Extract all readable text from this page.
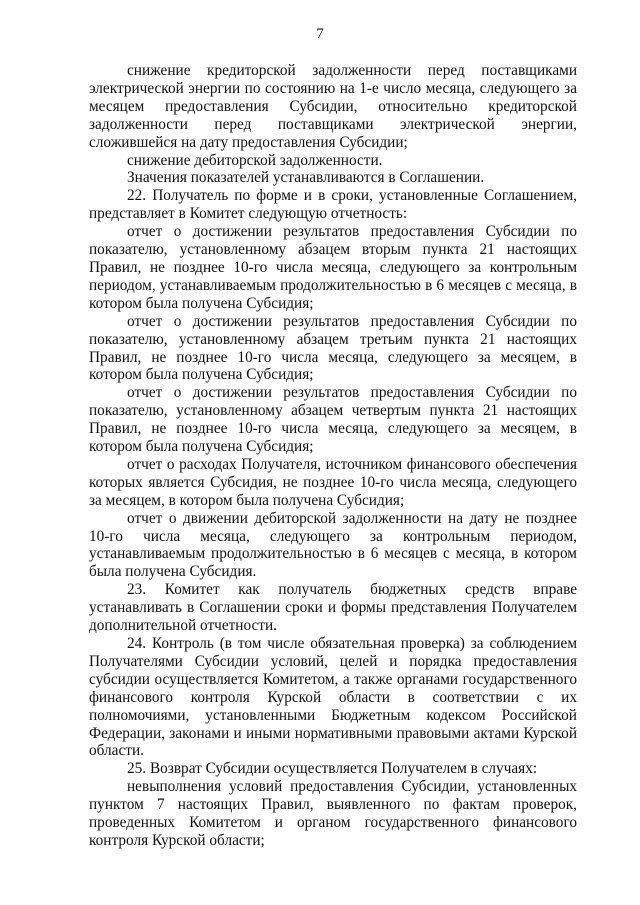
7

снижение кредиторской задолженности перед поставщиками электрической энергии по состоянию на 1-е число месяца, следующего за месяцем предоставления Субсидии, относительно кредиторской задолженности перед поставщиками электрической энергии, сложившейся на дату предоставления Субсидии;

снижение дебиторской задолженности.

Значения показателей устанавливаются в Соглашении.

22. Получатель по форме и в сроки, установленные Соглашением, представляет в Комитет следующую отчетность:

отчет о достижении результатов предоставления Субсидии по показателю, установленному абзацем вторым пункта 21 настоящих Правил, не позднее 10-го числа месяца, следующего за контрольным периодом, устанавливаемым продолжительностью в 6 месяцев с месяца, в котором была получена Субсидия;

отчет о достижении результатов предоставления Субсидии по показателю, установленному абзацем третьим пункта 21 настоящих Правил, не позднее 10-го числа месяца, следующего за месяцем, в котором была получена Субсидия;

отчет о достижении результатов предоставления Субсидии по показателю, установленному абзацем четвертым пункта 21 настоящих Правил, не позднее 10-го числа месяца, следующего за месяцем, в котором была получена Субсидия;

отчет о расходах Получателя, источником финансового обеспечения которых является Субсидия, не позднее 10-го числа месяца, следующего за месяцем, в котором была получена Субсидия;

отчет о движении дебиторской задолженности на дату не позднее 10-го числа месяца, следующего за контрольным периодом, устанавливаемым продолжительностью в 6 месяцев с месяца, в котором была получена Субсидия.

23. Комитет как получатель бюджетных средств вправе устанавливать в Соглашении сроки и формы представления Получателем дополнительной отчетности.

24. Контроль (в том числе обязательная проверка) за соблюдением Получателями Субсидии условий, целей и порядка предоставления субсидии осуществляется Комитетом, а также органами государственного финансового контроля Курской области в соответствии с их полномочиями, установленными Бюджетным кодексом Российской Федерации, законами и иными нормативными правовыми актами Курской области.

25. Возврат Субсидии осуществляется Получателем в случаях:

невыполнения условий предоставления Субсидии, установленных пунктом 7 настоящих Правил, выявленного по фактам проверок, проведенных Комитетом и органом государственного финансового контроля Курской области;
